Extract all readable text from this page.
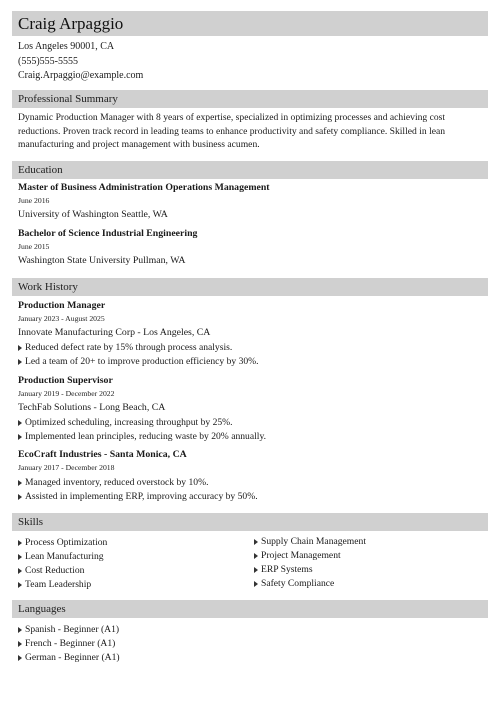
Craig Arpaggio
Los Angeles 90001, CA
(555)555-5555
Craig.Arpaggio@example.com
Professional Summary
Dynamic Production Manager with 8 years of expertise, specialized in optimizing processes and achieving cost reductions. Proven track record in leading teams to enhance productivity and safety compliance. Skilled in lean manufacturing and project management with business acumen.
Education
Master of Business Administration Operations Management
June 2016
University of Washington Seattle, WA
Bachelor of Science Industrial Engineering
June 2015
Washington State University Pullman, WA
Work History
Production Manager
January 2023 - August 2025
Innovate Manufacturing Corp - Los Angeles, CA
Reduced defect rate by 15% through process analysis.
Led a team of 20+ to improve production efficiency by 30%.
Production Supervisor
January 2019 - December 2022
TechFab Solutions - Long Beach, CA
Optimized scheduling, increasing throughput by 25%.
Implemented lean principles, reducing waste by 20% annually.
EcoCraft Industries - Santa Monica, CA
January 2017 - December 2018
Managed inventory, reduced overstock by 10%.
Assisted in implementing ERP, improving accuracy by 50%.
Skills
Process Optimization
Lean Manufacturing
Cost Reduction
Team Leadership
Supply Chain Management
Project Management
ERP Systems
Safety Compliance
Languages
Spanish - Beginner (A1)
French - Beginner (A1)
German - Beginner (A1)
